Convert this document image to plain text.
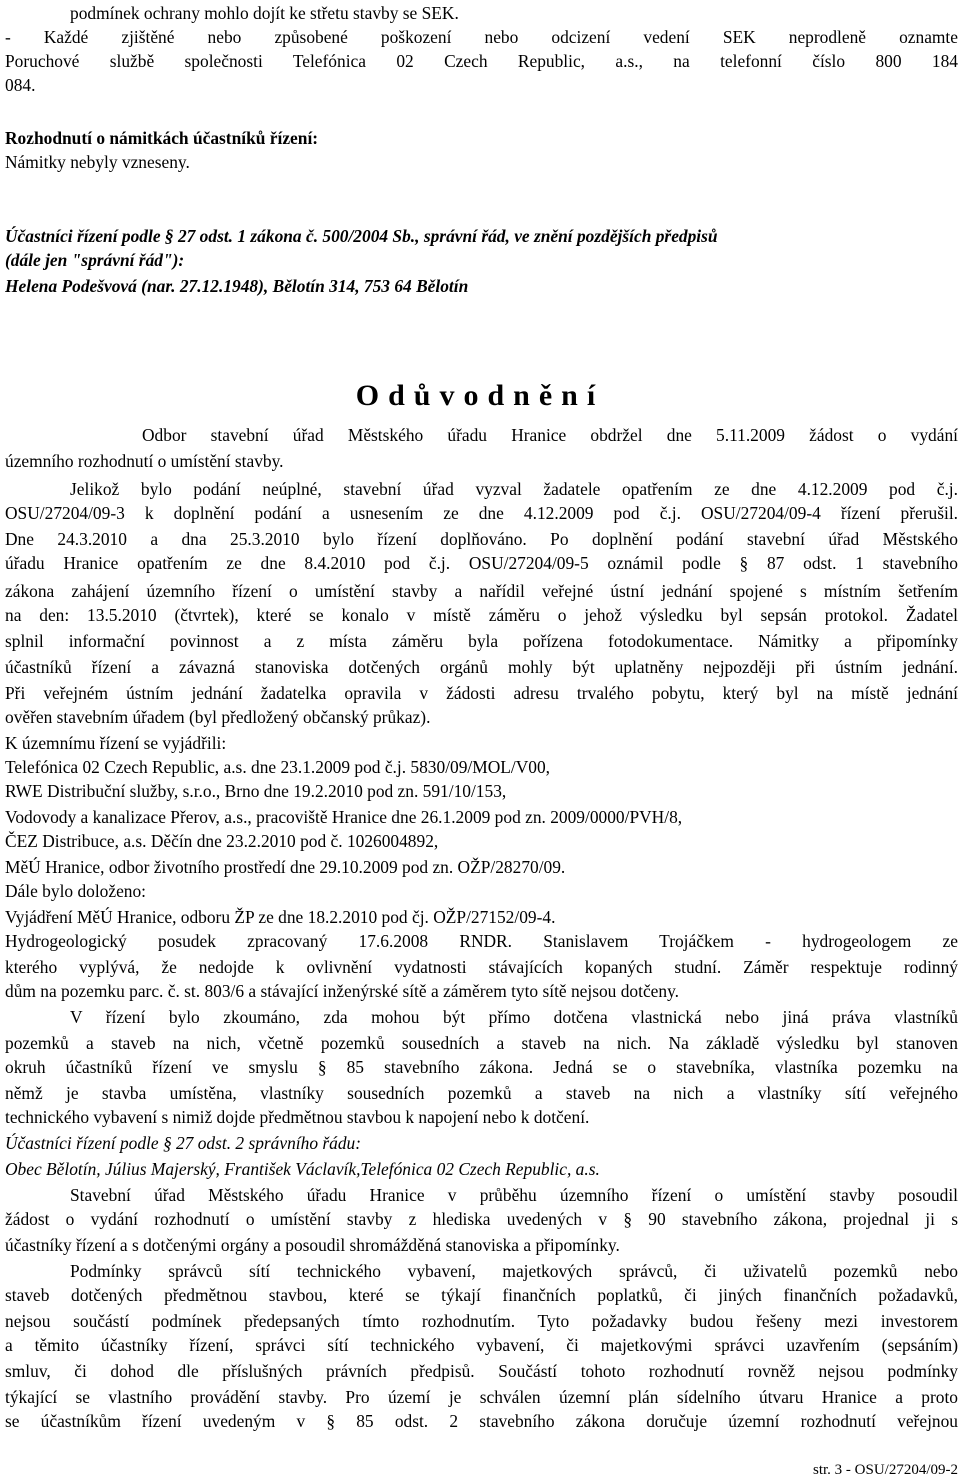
podmínek ochrany mohlo dojít ke střetu stavby se SEK.
- Každé zjištěné nebo způsobené poškození nebo odcizení vedení SEK neprodleně oznamte
Poruchové službě společnosti Telefónica 02 Czech Republic, a.s., na telefonní číslo 800 184
084.
Rozhodnutí o námitkách účastníků řízení:
Námitky nebyly vzneseny.
Účastníci řízení podle § 27 odst. 1 zákona č. 500/2004 Sb., správní řád, ve znění pozdějších předpisů
(dále jen "správní řád"):
Helena Podešvová (nar. 27.12.1948), Bělotín 314, 753 64 Bělotín
Odůvodnění
Odbor stavební úřad Městského úřadu Hranice obdržel dne 5.11.2009 žádost o vydání
územního rozhodnutí o umístění stavby.
Jelikož bylo podání neúplné, stavební úřad vyzval žadatele opatřením ze dne 4.12.2009 pod č.j.
OSU/27204/09-3 k doplnění podání a usnesením ze dne 4.12.2009 pod č.j. OSU/27204/09-4 řízení přerušil.
Dne 24.3.2010 a dna 25.3.2010 bylo řízení doplňováno. Po doplnění podání stavební úřad Městského
úřadu Hranice opatřením ze dne 8.4.2010 pod č.j. OSU/27204/09-5 oznámil podle § 87 odst. 1 stavebního
zákona zahájení územního řízení o umístění stavby a nařídil veřejné ústní jednání spojené s místním šetřením
na den: 13.5.2010 (čtvrtek), které se konalo v místě záměru o jehož výsledku byl sepsán protokol. Žadatel
splnil informační povinnost a z místa záměru byla pořízena fotodokumentace. Námitky a připomínky
účastníků řízení a závazná stanoviska dotčených orgánů mohly být uplatněny nejpozději při ústním jednání.
Při veřejném ústním jednání žadatelka opravila v žádosti adresu trvalého pobytu, který byl na místě jednání
ověřen stavebním úřadem (byl předložený občanský průkaz).
K územnímu řízení se vyjádřili:
Telefónica 02 Czech Republic, a.s. dne 23.1.2009 pod č.j. 5830/09/MOL/V00,
RWE Distribuční služby, s.r.o., Brno dne 19.2.2010 pod zn. 591/10/153,
Vodovody a kanalizace Přerov, a.s., pracoviště Hranice dne 26.1.2009 pod zn. 2009/0000/PVH/8,
ČEZ Distribuce, a.s. Děčín dne 23.2.2010 pod č. 1026004892,
MěÚ Hranice, odbor životního prostředí dne 29.10.2009 pod zn. OŽP/28270/09.
Dále bylo doloženo:
Vyjádření MěÚ Hranice, odboru ŽP ze dne 18.2.2010 pod čj. OŽP/27152/09-4.
Hydrogeologický posudek zpracovaný 17.6.2008 RNDR. Stanislavem Trojáčkem - hydrogeologem ze
kterého vyplývá, že nedojde k ovlivnění vydatnosti stávajících kopaných studní. Záměr respektuje rodinný
dům na pozemku parc. č. st. 803/6 a stávající inženýrské sítě a záměrem tyto sítě nejsou dotčeny.
V řízení bylo zkoumáno, zda mohou být přímo dotčena vlastnická nebo jiná práva vlastníků
pozemků a staveb na nich, včetně pozemků sousedních a staveb na nich. Na základě výsledku byl stanoven
okruh účastníků řízení ve smyslu § 85 stavebního zákona. Jedná se o stavebníka, vlastníka pozemku na
němž je stavba umístěna, vlastníky sousedních pozemků a staveb na nich a vlastníky sítí veřejného
technického vybavení s nimiž dojde předmětnou stavbou k napojení nebo k dotčení.
Účastníci řízení podle § 27 odst. 2 správního řádu:
Obec Bělotín, Július Majerský, František Václavík,Telefónica 02 Czech Republic, a.s.
Stavební úřad Městského úřadu Hranice v průběhu územního řízení o umístění stavby posoudil
žádost o vydání rozhodnutí o umístění stavby z hlediska uvedených v § 90 stavebního zákona, projednal ji s
účastníky řízení a s dotčenými orgány a posoudil shromážděná stanoviska a připomínky.
Podmínky správců sítí technického vybavení, majetkových správců, či uživatelů pozemků nebo
staveb dotčených předmětnou stavbou, které se týkají finančních poplatků, či jiných finančních požadavků,
nejsou součástí podmínek předepsaných tímto rozhodnutím. Tyto požadavky budou řešeny mezi investorem
a těmito účastníky řízení, správci sítí technického vybavení, či majetkovými správci uzavřením (sepsáním)
smluv, či dohod dle příslušných právních předpisů. Součástí tohoto rozhodnutí rovněž nejsou podmínky
týkající se vlastního provádění stavby. Pro území je schválen územní plán sídelního útvaru Hranice a proto
se účastníkům řízení uvedeným v § 85 odst. 2 stavebního zákona doručuje územní rozhodnutí veřejnou
str. 3 - OSU/27204/09-2
